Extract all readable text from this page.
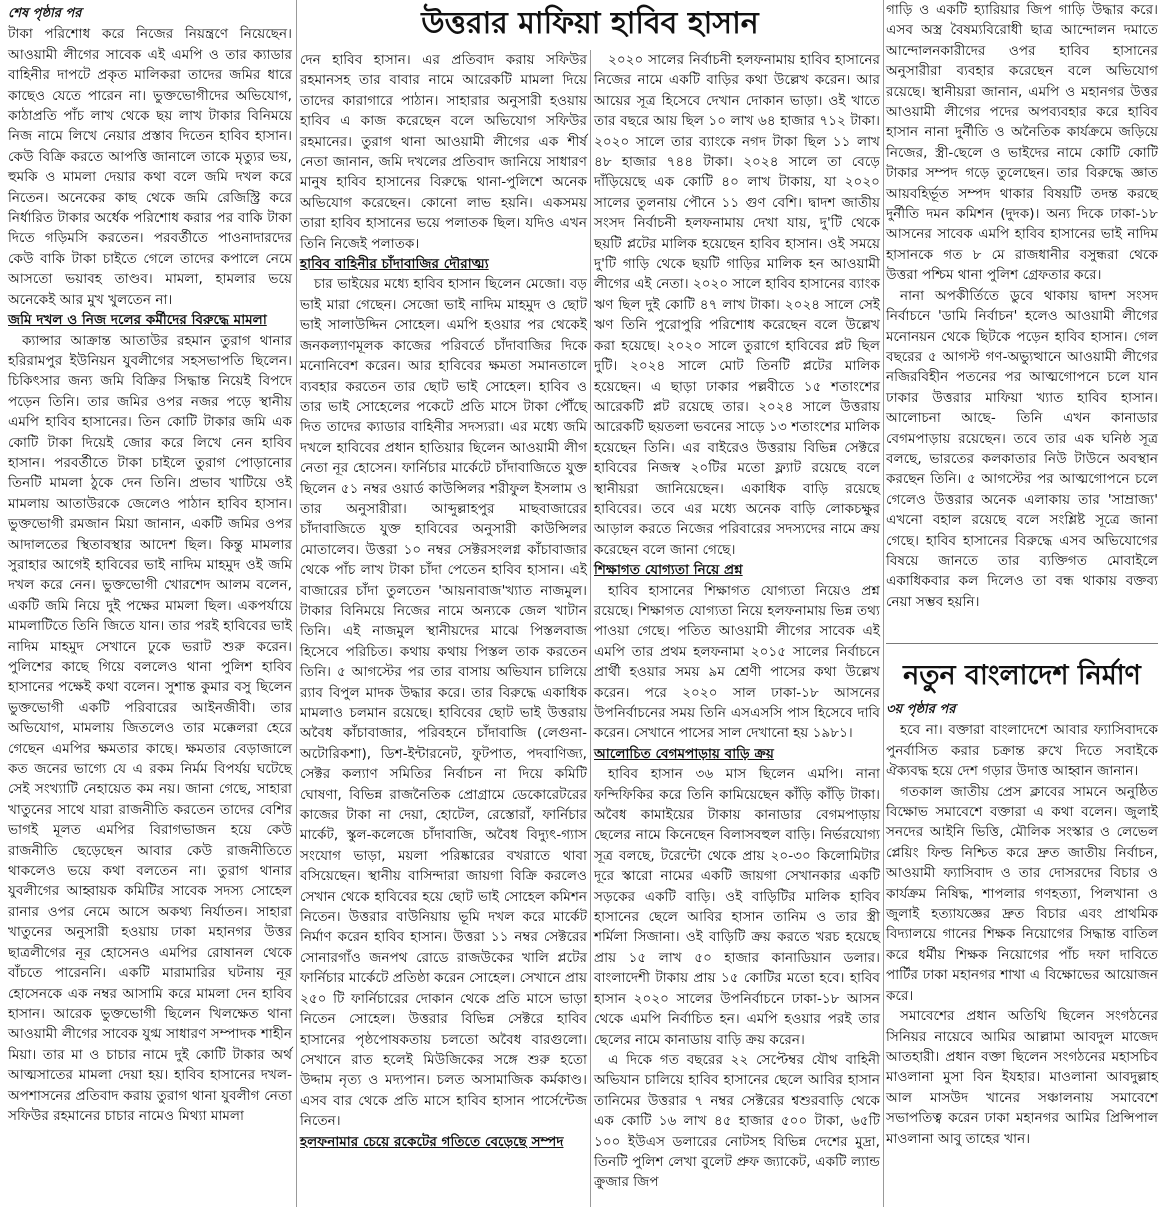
উত্তরার মাফিয়া হাবিব হাসান

শেষ পৃষ্ঠার পর

টাকা পরিশোধ করে নিজের নিয়ন্ত্রণে নিয়েছেন। আওয়ামী লীগের সাবেক এই এমপি ও তার ক্যাডার বাহিনীর দাপটে প্রকৃত মালিকরা তাদের জমির ধারে কাছেও যেতে পারেন না। ভুক্তভোগীদের অভিযোগ, কাঠাপ্রতি পাঁচ লাখ থেকে ছয় লাখ টাকার বিনিময়ে নিজ নামে লিখে নেয়ার প্রস্তাব দিতেন হাবিব হাসান। কেউ বিক্রি করতে আপত্তি জানালে তাকে মৃত্যুর ভয়, হুমকি ও মামলা দেয়ার কথা বলে জমি দখল করে নিতেন। অনেকের কাছ থেকে জমি রেজিস্ট্রি করে নির্ধারিত টাকার অর্ধেক পরিশোধ করার পর বাকি টাকা দিতে গড়িমসি করতেন। পরবর্তীতে পাওনাদারদের কেউ বাকি টাকা চাইতে গেলে তাদের কপালে নেমে আসতো ভয়াবহ তাণ্ডব। মামলা, হামলার ভয়ে অনেকেই আর মুখ খুলতেন না।

জমি দখল ও নিজ দলের কর্মীদের বিরুদ্ধে মামলা

ক্যান্সার আক্রান্ত আতাউর রহমান তুরাগ থানার হরিরামপুর ইউনিয়ন যুবলীগের সহসভাপতি ছিলেন। চিকিৎসার জন্য জমি বিক্রির সিদ্ধান্ত নিয়েই বিপদে পড়েন তিনি। তার জমির ওপর নজর পড়ে স্থানীয় এমপি হাবিব হাসানের। তিন কোটি টাকার জমি এক কোটি টাকা দিয়েই জোর করে লিখে নেন হাবিব হাসান। পরবর্তীতে টাকা চাইলে তুরাগ পোড়ানোর তিনটি মামলা ঠুকে দেন তিনি। প্রভাব খাটিয়ে ওই মামলায় আতাউরকে জেলেও পাঠান হাবিব হাসান। ভুক্তভোগী রমজান মিয়া জানান, একটি জমির ওপর আদালতের স্থিতাবস্থার আদেশ ছিল। কিন্তু মামলার সুরাহার আগেই হাবিবের ভাই নাদিম মাহমুদ ওই জমি দখল করে নেন। ভুক্তভোগী খোরশেদ আলম বলেন, একটি জমি নিয়ে দুই পক্ষের মামলা ছিল। একপর্যায়ে মামলাটিতে তিনি জিতে যান। তার পরই হাবিবের ভাই নাদিম মাহমুদ সেখানে ঢুকে ভরাট শুরু করেন। পুলিশের কাছে গিয়ে বললেও থানা পুলিশ হাবিব হাসানের পক্ষেই কথা বলেন। সুশান্ত কুমার বসু ছিলেন ভুক্তভোগী একটি পরিবারের আইনজীবী। তার অভিযোগ, মামলায় জিতলেও তার মক্কেলরা হেরে গেছেন এমপির ক্ষমতার কাছে। ক্ষমতার বেড়াজালে কত জনের ভাগ্যে যে এ রকম নির্মম বিপর্যয় ঘটেছে সেই সংখ্যাটি নেহায়েত কম নয়। জানা গেছে, সাহারা খাতুনের সাথে যারা রাজনীতি করতেন তাদের বেশির ভাগই মূলত এমপির বিরাগভাজন হয়ে কেউ রাজনীতি ছেড়েছেন আবার কেউ রাজনীতিতে থাকলেও ভয়ে কথা বলতেন না। তুরাগ থানার যুবলীগের আহ্বায়ক কমিটির সাবেক সদস্য সোহেল রানার ওপর নেমে আসে অকথ্য নির্যাতন। সাহারা খাতুনের অনুসারী হওয়ায় ঢাকা মহানগর উত্তর ছাত্রলীগের নূর হোসেনও এমপির রোষানল থেকে বাঁচতে পারেননি। একটি মারামারির ঘটনায় নূর হোসেনকে এক নম্বর আসামি করে মামলা দেন হাবিব হাসান। আরেক ভুক্তভোগী ছিলেন খিলক্ষেত থানা আওয়ামী লীগের সাবেক যুগ্ম সাধারণ সম্পাদক শাহীন মিয়া। তার মা ও চাচার নামে দুই কোটি টাকার অর্থ আত্মসাতের মামলা দেয়া হয়। হাবিব হাসানের দখল-অপশাসনের প্রতিবাদ করায় তুরাগ থানা যুবলীগ নেতা সফিউর রহমানের চাচার নামেও মিথ্যা মামলা

দেন হাবিব হাসান। এর প্রতিবাদ করায় সফিউর রহমানসহ তার বাবার নামে আরেকটি মামলা দিয়ে তাদের কারাগারে পাঠান। সাহারার অনুসারী হওয়ায় হাবিব এ কাজ করেছেন বলে অভিযোগ সফিউর রহমানের। তুরাগ থানা আওয়ামী লীগের এক শীর্ষ নেতা জানান, জমি দখলের প্রতিবাদ জানিয়ে সাধারণ মানুষ হাবিব হাসানের বিরুদ্ধে থানা-পুলিশে অনেক অভিযোগ করেছেন। কোনো লাভ হয়নি। একসময় তারা হাবিব হাসানের ভয়ে পলাতক ছিল। যদিও এখন তিনি নিজেই পলাতক।

হাবিব বাহিনীর চাঁদাবাজির দৌরাত্ম্য

চার ভাইয়ের মধ্যে হাবিব হাসান ছিলেন মেজো। বড় ভাই মারা গেছেন। সেজো ভাই নাদিম মাহমুদ ও ছোট ভাই সালাউদ্দিন সোহেল। এমপি হওয়ার পর থেকেই জনকল্যাণমূলক কাজের পরিবর্তে চাঁদাবাজির দিকে মনোনিবেশ করেন। আর হাবিবের ক্ষমতা সমানতালে ব্যবহার করতেন তার ছোট ভাই সোহেল। হাবিব ও তার ভাই সোহেলের পকেটে প্রতি মাসে টাকা পৌঁছে দিত তাদের ক্যাডার বাহিনীর সদস্যরা। এর মধ্যে জমি দখলে হাবিবের প্রধান হাতিয়ার ছিলেন আওয়ামী লীগ নেতা নূর হোসেন। ফার্নিচার মার্কেটে চাঁদাবাজিতে যুক্ত ছিলেন ৫১ নম্বর ওয়ার্ড কাউন্সিলর শরীফুল ইসলাম ও তার অনুসারীরা। আব্দুল্লাহপুর মাছবাজারের চাঁদাবাজিতে যুক্ত হাবিবের অনুসারী কাউন্সিলর মোতালেব। উত্তরা ১০ নম্বর সেক্টরসংলগ্ন কাঁচাবাজার থেকে পাঁচ লাখ টাকা চাঁদা পেতেন হাবিব হাসান। এই বাজারের চাঁদা তুলতেন 'আয়নাবাজ'খ্যাত নাজমুল। টাকার বিনিময়ে নিজের নামে অন্যকে জেল খাটান তিনি। এই নাজমুল স্থানীয়দের মাঝে পিস্তলবাজ হিসেবে পরিচিত। কথায় কথায় পিস্তল তাক করতেন তিনি। ৫ আগস্টের পর তার বাসায় অভিযান চালিয়ে র‌্যাব বিপুল মাদক উদ্ধার করে। তার বিরুদ্ধে একাধিক মামলাও চলমান রয়েছে। হাবিবের ছোট ভাই উত্তরায় অবৈধ কাঁচাবাজার, পরিবহনে চাঁদাবাজি (লেগুনা-অটোরিকশা), ডিশ-ইন্টারনেট, ফুটপাত, পদবাণিজ্য, সেক্টর কল্যাণ সমিতির নির্বাচন না দিয়ে কমিটি ঘোষণা, বিভিন্ন রাজনৈতিক প্রোগ্রামে ডেকোরেটরের কাজের টাকা না দেয়া, হোটেল, রেস্তোরাঁ, ফার্নিচার মার্কেট, স্কুল-কলেজে চাঁদাবাজি, অবৈধ বিদ্যুৎ-গ্যাস সংযোগ ভাড়া, ময়লা পরিষ্কারের বখরাতে থাবা বসিয়েছেন। স্থানীয় বাসিন্দারা জায়গা বিক্রি করলেও সেখান থেকে হাবিবের হয়ে ছোট ভাই সোহেল কমিশন নিতেন। উত্তরার বাউনিয়ায় ভূমি দখল করে মার্কেট নির্মাণ করেন হাবিব হাসান। উত্তরা ১১ নম্বর সেক্টরের সোনারগাঁও জনপথ রোডে রাজউকের খালি প্লটের ফার্নিচার মার্কেটে প্রতিষ্ঠা করেন সোহেল। সেখানে প্রায় ২৫০ টি ফার্নিচারের দোকান থেকে প্রতি মাসে ভাড়া নিতেন সোহেল। উত্তরার বিভিন্ন সেক্টরে হাবিব হাসানের পৃষ্ঠপোষকতায় চলতো অবৈধ বারগুলো। সেখানে রাত হলেই মিউজিকের সঙ্গে শুরু হতো উদ্দাম নৃত্য ও মদ্যপান। চলত অসামাজিক কর্মকাণ্ড। এসব বার থেকে প্রতি মাসে হাবিব হাসান পার্সেন্টেজ নিতেন।

হলফনামার চেয়ে রকেটের গতিতে বেড়েছে সম্পদ

২০২০ সালের নির্বাচনী হলফনামায় হাবিব হাসানের নিজের নামে একটি বাড়ির কথা উল্লেখ করেন। আর আয়ের সূত্র হিসেবে দেখান দোকান ভাড়া। ওই খাতে তার বছরে আয় ছিল ১০ লাখ ৬৪ হাজার ৭১২ টাকা। ২০২০ সালে তার ব্যাংকে নগদ টাকা ছিল ১১ লাখ ৪৮ হাজার ৭৪৪ টাকা। ২০২৪ সালে তা বেড়ে দাঁড়িয়েছে এক কোটি ৪০ লাখ টাকায়, যা ২০২০ সালের তুলনায় পৌনে ১১ গুণ বেশি। দ্বাদশ জাতীয় সংসদ নির্বাচনী হলফনামায় দেখা যায়, দু'টি থেকে ছয়টি প্লটের মালিক হয়েছেন হাবিব হাসান। ওই সময়ে দু'টি গাড়ি থেকে ছয়টি গাড়ির মালিক হন আওয়ামী লীগের এই নেতা। ২০২০ সালে হাবিব হাসানের ব্যাংক ঋণ ছিল দুই কোটি ৪৭ লাখ টাকা। ২০২৪ সালে সেই ঋণ তিনি পুরোপুরি পরিশোধ করেছেন বলে উল্লেখ করা হয়েছে। ২০২০ সালে তুরাগে হাবিবের প্লট ছিল দুটি। ২০২৪ সালে মোট তিনটি প্লটের মালিক হয়েছেন। এ ছাড়া ঢাকার পল্লবীতে ১৫ শতাংশের আরেকটি প্লট রয়েছে তার। ২০২৪ সালে উত্তরায় আরেকটি ছয়তলা ভবনের সাড়ে ১৩ শতাংশের মালিক হয়েছেন তিনি। এর বাইরেও উত্তরায় বিভিন্ন সেক্টরে হাবিবের নিজস্ব ২০টির মতো ফ্ল্যাট রয়েছে বলে স্থানীয়রা জানিয়েছেন। একাধিক বাড়ি রয়েছে হাবিবের। তবে এর মধ্যে অনেক বাড়ি লোকচক্ষুর আড়াল করতে নিজের পরিবারের সদস্যদের নামে ক্রয় করেছেন বলে জানা গেছে।

শিক্ষাগত যোগ্যতা নিয়ে প্রশ্ন

হাবিব হাসানের শিক্ষাগত যোগ্যতা নিয়েও প্রশ্ন রয়েছে। শিক্ষাগত যোগ্যতা নিয়ে হলফনামায় ভিন্ন তথ্য পাওয়া গেছে। পতিত আওয়ামী লীগের সাবেক এই এমপি তার প্রথম হলফনামা ২০১৫ সালের নির্বাচনে প্রার্থী হওয়ার সময় ৯ম শ্রেণী পাসের কথা উল্লেখ করেন। পরে ২০২০ সাল ঢাকা-১৮ আসনের উপনির্বাচনের সময় তিনি এসএসসি পাস হিসেবে দাবি করেন। সেখানে পাসের সাল দেখানো হয় ১৯৮১।

আলোচিত বেগমপাড়ায় বাড়ি ক্রয়

হাবিব হাসান ৩৬ মাস ছিলেন এমপি। নানা ফন্দিফিকির করে তিনি কামিয়েছেন কাঁড়ি কাঁড়ি টাকা। অবৈধ কামাইয়ের টাকায় কানাডার বেগমপাড়ায় ছেলের নামে কিনেছেন বিলাসবহুল বাড়ি। নির্ভরযোগ্য সূত্র বলছে, টরেন্টো থেকে প্রায় ২০-৩০ কিলোমিটার দূরে স্কারো নামের একটি জায়গা সেখানকার একটি সড়কের একটি বাড়ি। ওই বাড়িটির মালিক হাবিব হাসানের ছেলে আবির হাসান তানিম ও তার স্ত্রী শর্মিলা সিজানা। ওই বাড়িটি ক্রয় করতে খরচ হয়েছে প্রায় ১৫ লাখ ৫০ হাজার কানাডিয়ান ডলার। বাংলাদেশী টাকায় প্রায় ১৫ কোটির মতো হবে। হাবিব হাসান ২০২০ সালের উপনির্বাচনে ঢাকা-১৮ আসন থেকে এমপি নির্বাচিত হন। এমপি হওয়ার পরই তার ছেলের নামে কানাডায় বাড়ি ক্রয় করেন।

এ দিকে গত বছরের ২২ সেপ্টেম্বর যৌথ বাহিনী অভিযান চালিয়ে হাবিব হাসানের ছেলে আবির হাসান তানিমের উত্তরার ৭ নম্বর সেক্টরের শ্বশুরবাড়ি থেকে এক কোটি ১৬ লাখ ৪৫ হাজার ৫০০ টাকা, ৬৫টি ১০০ ইউএস ডলারের নোটসহ বিভিন্ন দেশের মুদ্রা, তিনটি পুলিশ লেখা বুলেট প্রুফ জ্যাকেট, একটি ল্যান্ড ক্রুজার জিপ

গাড়ি ও একটি হ্যারিয়ার জিপ গাড়ি উদ্ধার করে। এসব অস্ত্র বৈষম্যবিরোধী ছাত্র আন্দোলন দমাতে আন্দোলনকারীদের ওপর হাবিব হাসানের অনুসারীরা ব্যবহার করেছেন বলে অভিযোগ রয়েছে। স্থানীয়রা জানান, এমপি ও মহানগর উত্তর আওয়ামী লীগের পদের অপব্যবহার করে হাবিব হাসান নানা দুর্নীতি ও অনৈতিক কার্যক্রমে জড়িয়ে নিজের, স্ত্রী-ছেলে ও ভাইদের নামে কোটি কোটি টাকার সম্পদ গড়ে তুলেছেন। তার বিরুদ্ধে জ্ঞাত আয়বহির্ভূত সম্পদ থাকার বিষয়টি তদন্ত করছে দুর্নীতি দমন কমিশন (দুদক)। অন্য দিকে ঢাকা-১৮ আসনের সাবেক এমপি হাবিব হাসানের ভাই নাদিম হাসানকে গত ৮ মে রাজধানীর বসুন্ধরা থেকে উত্তরা পশ্চিম থানা পুলিশ গ্রেফতার করে।

নানা অপকীর্তিতে ডুবে থাকায় দ্বাদশ সংসদ নির্বাচনে 'ডামি নির্বাচন' হলেও আওয়ামী লীগের মনোনয়ন থেকে ছিটকে পড়েন হাবিব হাসান। গেল বছরের ৫ আগস্ট গণ-অভ্যুত্থানে আওয়ামী লীগের নজিরবিহীন পতনের পর আত্মগোপনে চলে যান ঢাকার উত্তরার মাফিয়া খ্যাত হাবিব হাসান। আলোচনা আছে- তিনি এখন কানাডার বেগমপাড়ায় রয়েছেন। তবে তার এক ঘনিষ্ঠ সূত্র বলছে, ভারতের কলকাতার নিউ টাউনে অবস্থান করছেন তিনি। ৫ আগস্টের পর আত্মগোপনে চলে গেলেও উত্তরার অনেক এলাকায় তার 'সাম্রাজ্য' এখনো বহাল রয়েছে বলে সংশ্লিষ্ট সূত্রে জানা গেছে। হাবিব হাসানের বিরুদ্ধে এসব অভিযোগের বিষয়ে জানতে তার ব্যক্তিগত মোবাইলে একাধিকবার কল দিলেও তা বন্ধ থাকায় বক্তব্য নেয়া সম্ভব হয়নি।

নতুন বাংলাদেশ নির্মাণ

৩য় পৃষ্ঠার পর

হবে না। বক্তারা বাংলাদেশে আবার ফ্যাসিবাদকে পুনর্বাসিত করার চক্রান্ত রুখে দিতে সবাইকে ঐক্যবদ্ধ হয়ে দেশ গড়ার উদাত্ত আহ্বান জানান।

গতকাল জাতীয় প্রেস ক্লাবের সামনে অনুষ্ঠিত বিক্ষোভ সমাবেশে বক্তারা এ কথা বলেন। জুলাই সনদের আইনি ভিত্তি, মৌলিক সংস্কার ও লেভেল প্লেয়িং ফিল্ড নিশ্চিত করে দ্রুত জাতীয় নির্বাচন, আওয়ামী ফ্যাসিবাদ ও তার দোসরদের বিচার ও কার্যক্রম নিষিদ্ধ, শাপলার গণহত্যা, পিলখানা ও জুলাই হত্যাযজ্ঞের দ্রুত বিচার এবং প্রাথমিক বিদ্যালয়ে গানের শিক্ষক নিয়োগের সিদ্ধান্ত বাতিল করে ধর্মীয় শিক্ষক নিয়োগের পাঁচ দফা দাবিতে পার্টির ঢাকা মহানগর শাখা এ বিক্ষোভের আয়োজন করে।

সমাবেশের প্রধান অতিথি ছিলেন সংগঠনের সিনিয়র নায়েবে আমির আল্লামা আবদুল মাজেদ আতহারী। প্রধান বক্তা ছিলেন সংগঠনের মহাসচিব মাওলানা মুসা বিন ইযহার। মাওলানা আবদুল্লাহ আল মাসউদ খানের সঞ্চালনায় সমাবেশে সভাপতিত্ব করেন ঢাকা মহানগর আমির প্রিন্সিপাল মাওলানা আবু তাহের খান।
